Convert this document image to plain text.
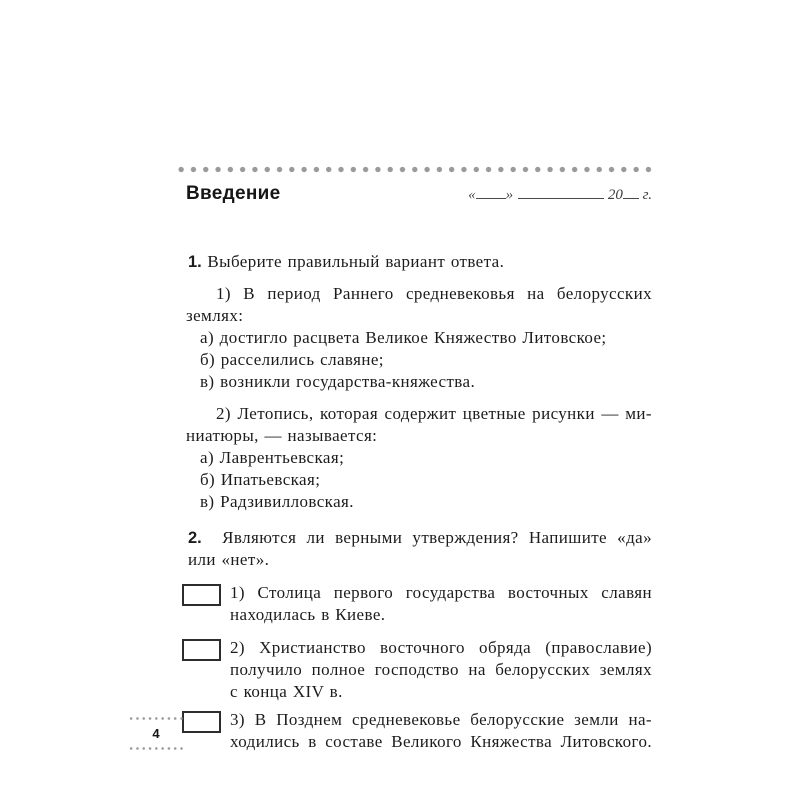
Введение	« »	20 г.
1. Выберите правильный вариант ответа.
1) В период Раннего средневековья на белорусских
землях:
а) достигло расцвета Великое Княжество Литовское;
б) расселились славяне;
в) возникли государства-княжества.
2) Летопись, которая содержит цветные рисунки — ми-
ниатюры, — называется:
а) Лаврентьевская;
б) Ипатьевская;
в) Радзивилловская.
2. Являются ли верными утверждения? Напишите «да»
или «нет».
1) Столица первого государства восточных славян
находилась в Киеве.
2) Христианство восточного обряда (православие)
получило полное господство на белорусских землях
с конца XIV в.
3) В Позднем средневековье белорусские земли на-
ходились в составе Великого Княжества Литовского.
4
